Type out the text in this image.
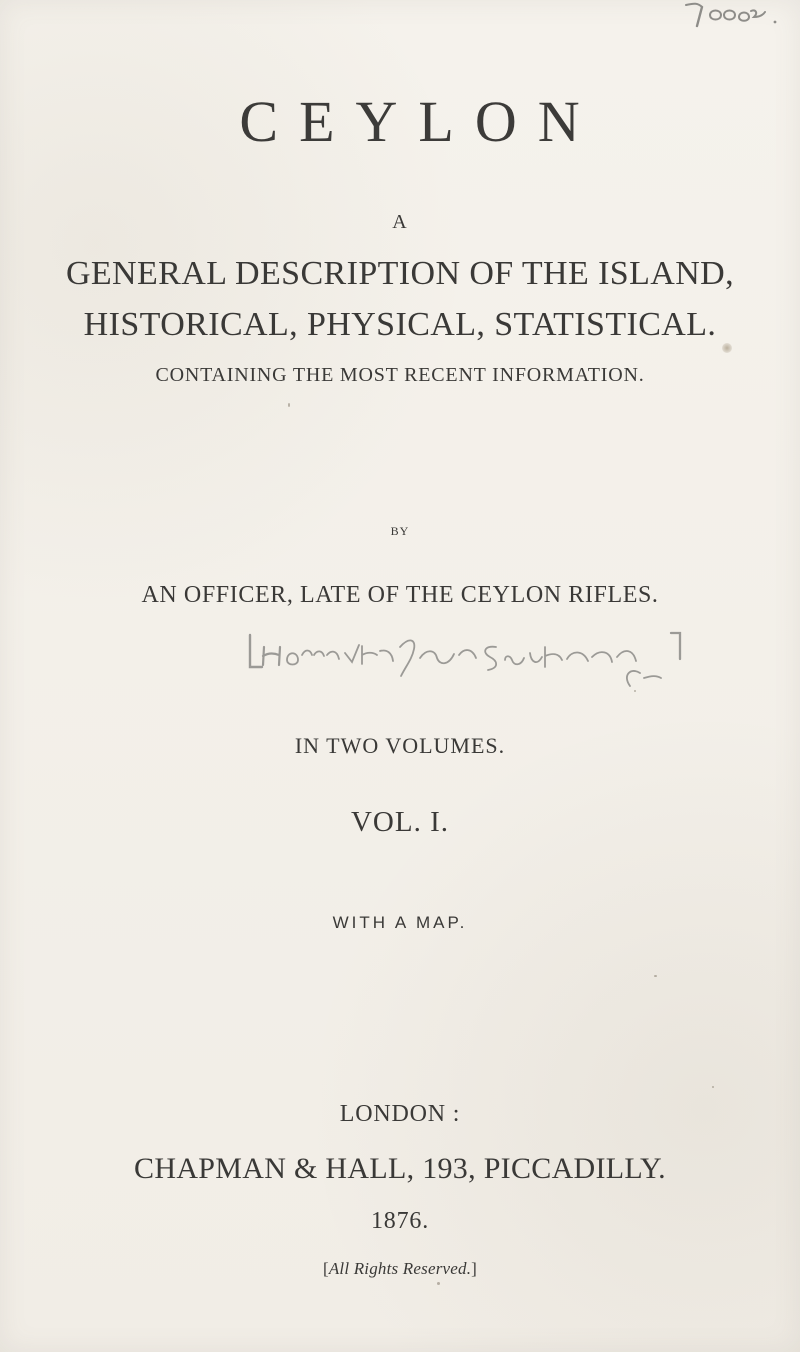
CEYLON
A
GENERAL DESCRIPTION OF THE ISLAND,
HISTORICAL, PHYSICAL, STATISTICAL.
CONTAINING THE MOST RECENT INFORMATION.
BY
AN OFFICER, LATE OF THE CEYLON RIFLES.
IN TWO VOLUMES.
VOL. I.
WITH A MAP.
LONDON :
CHAPMAN & HALL, 193, PICCADILLY.
1876.
[All Rights Reserved.]
